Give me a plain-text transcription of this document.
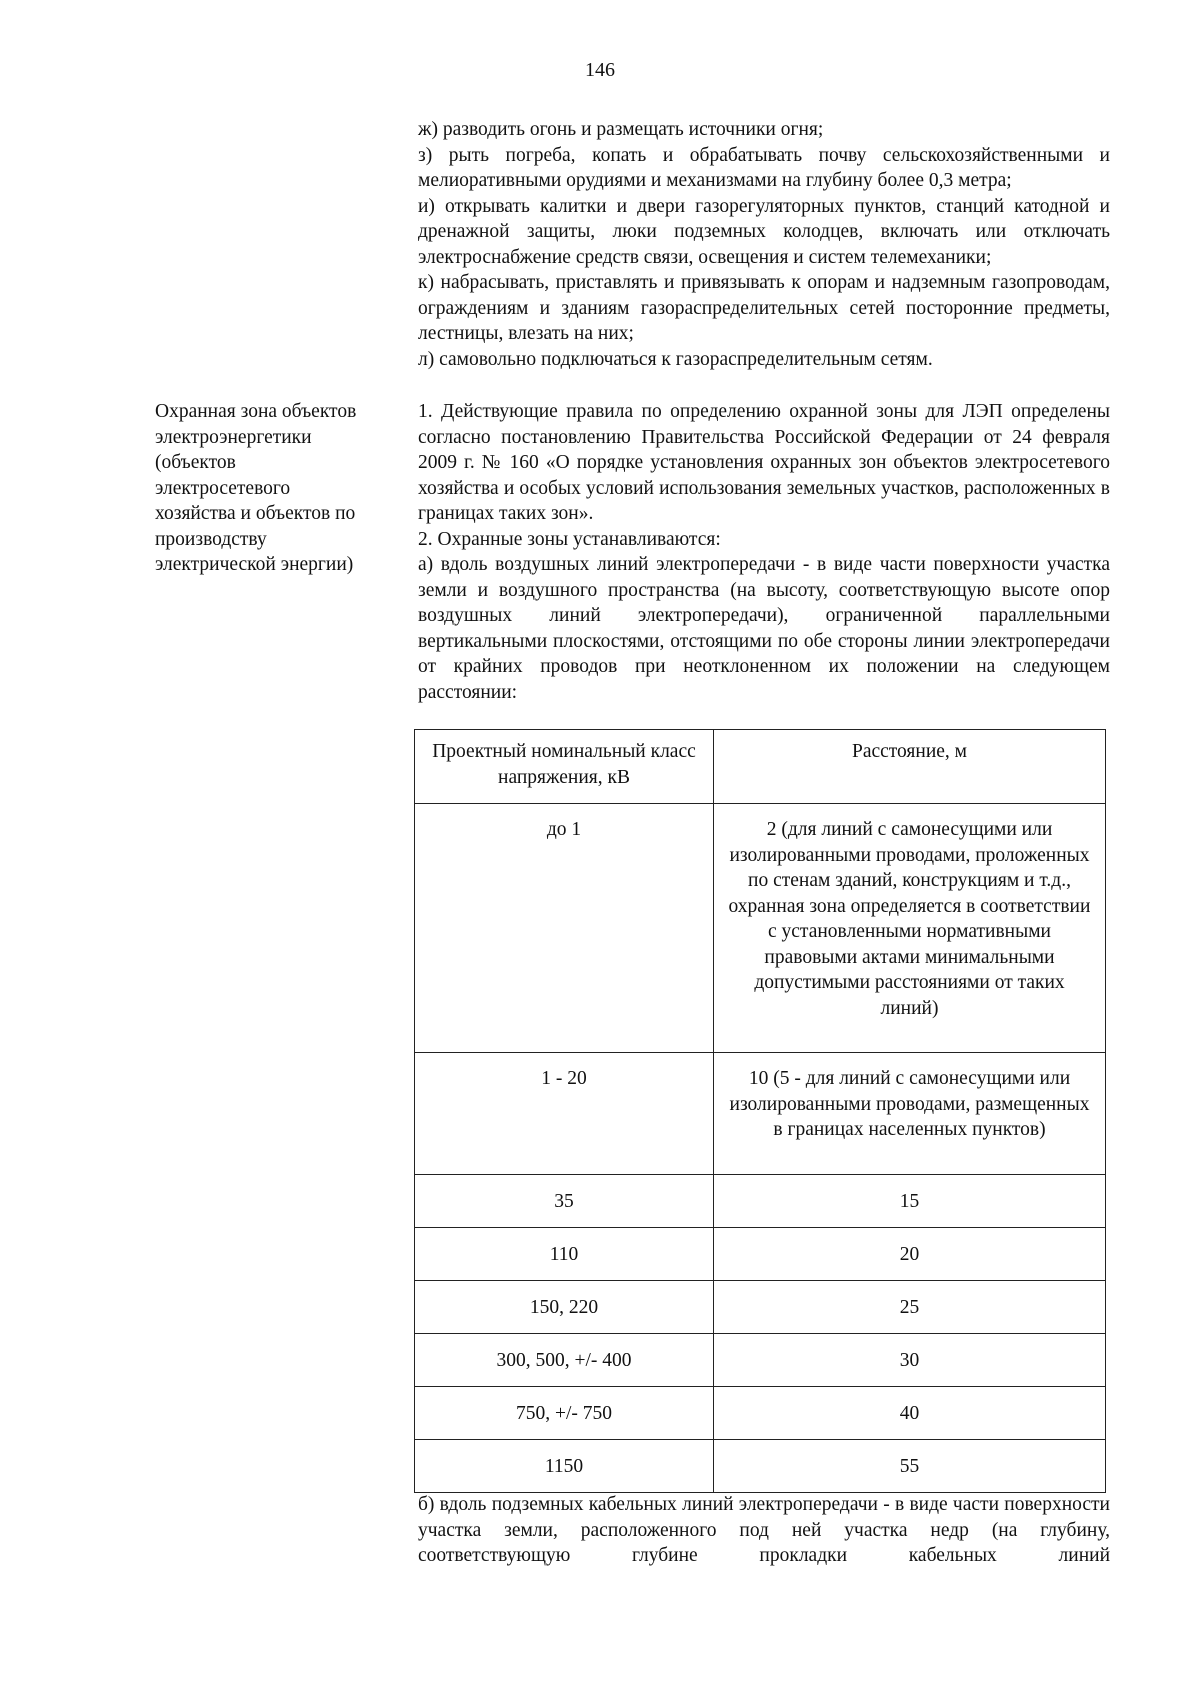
146

ж) разводить огонь и размещать источники огня;

з) рыть погреба, копать и обрабатывать почву сельскохозяйственными и мелиоративными орудиями и механизмами на глубину более 0,3 метра;

и) открывать калитки и двери газорегуляторных пунктов, станций катодной и дренажной защиты, люки подземных колодцев, включать или отключать электроснабжение средств связи, освещения и систем телемеханики;

к) набрасывать, приставлять и привязывать к опорам и надземным газопроводам, ограждениям и зданиям газораспределительных сетей посторонние предметы, лестницы, влезать на них;

л) самовольно подключаться к газораспределительным сетям.

Охранная зона объектов
электроэнергетики
(объектов
электросетевого
хозяйства и объектов по
производству
электрической энергии)

1. Действующие правила по определению охранной зоны для ЛЭП определены согласно постановлению Правительства Российской Федерации от 24 февраля 2009 г. № 160 «О порядке установления охранных зон объектов электросетевого хозяйства и особых условий использования земельных участков, расположенных в границах таких зон».

2. Охранные зоны устанавливаются:

а) вдоль воздушных линий электропередачи - в виде части поверхности участка земли и воздушного пространства (на высоту, соответствующую высоте опор воздушных линий электропередачи), ограниченной параллельными вертикальными плоскостями, отстоящими по обе стороны линии электропередачи от крайних проводов при неотклоненном их положении на следующем расстоянии:

Проектный номинальный класс напряжения, кВ	Расстояние, м
до 1	2 (для линий с самонесущими или изолированными проводами, проложенных по стенам зданий, конструкциям и т.д., охранная зона определяется в соответствии с установленными нормативными правовыми актами минимальными допустимыми расстояниями от таких линий)
1 - 20	10 (5 - для линий с самонесущими или изолированными проводами, размещенных в границах населенных пунктов)
35	15
110	20
150, 220	25
300, 500, +/- 400	30
750, +/- 750	40
1150	55

б) вдоль подземных кабельных линий электропередачи - в виде части поверхности участка земли, расположенного под ней участка недр (на глубину, соответствующую глубине прокладки кабельных линий
